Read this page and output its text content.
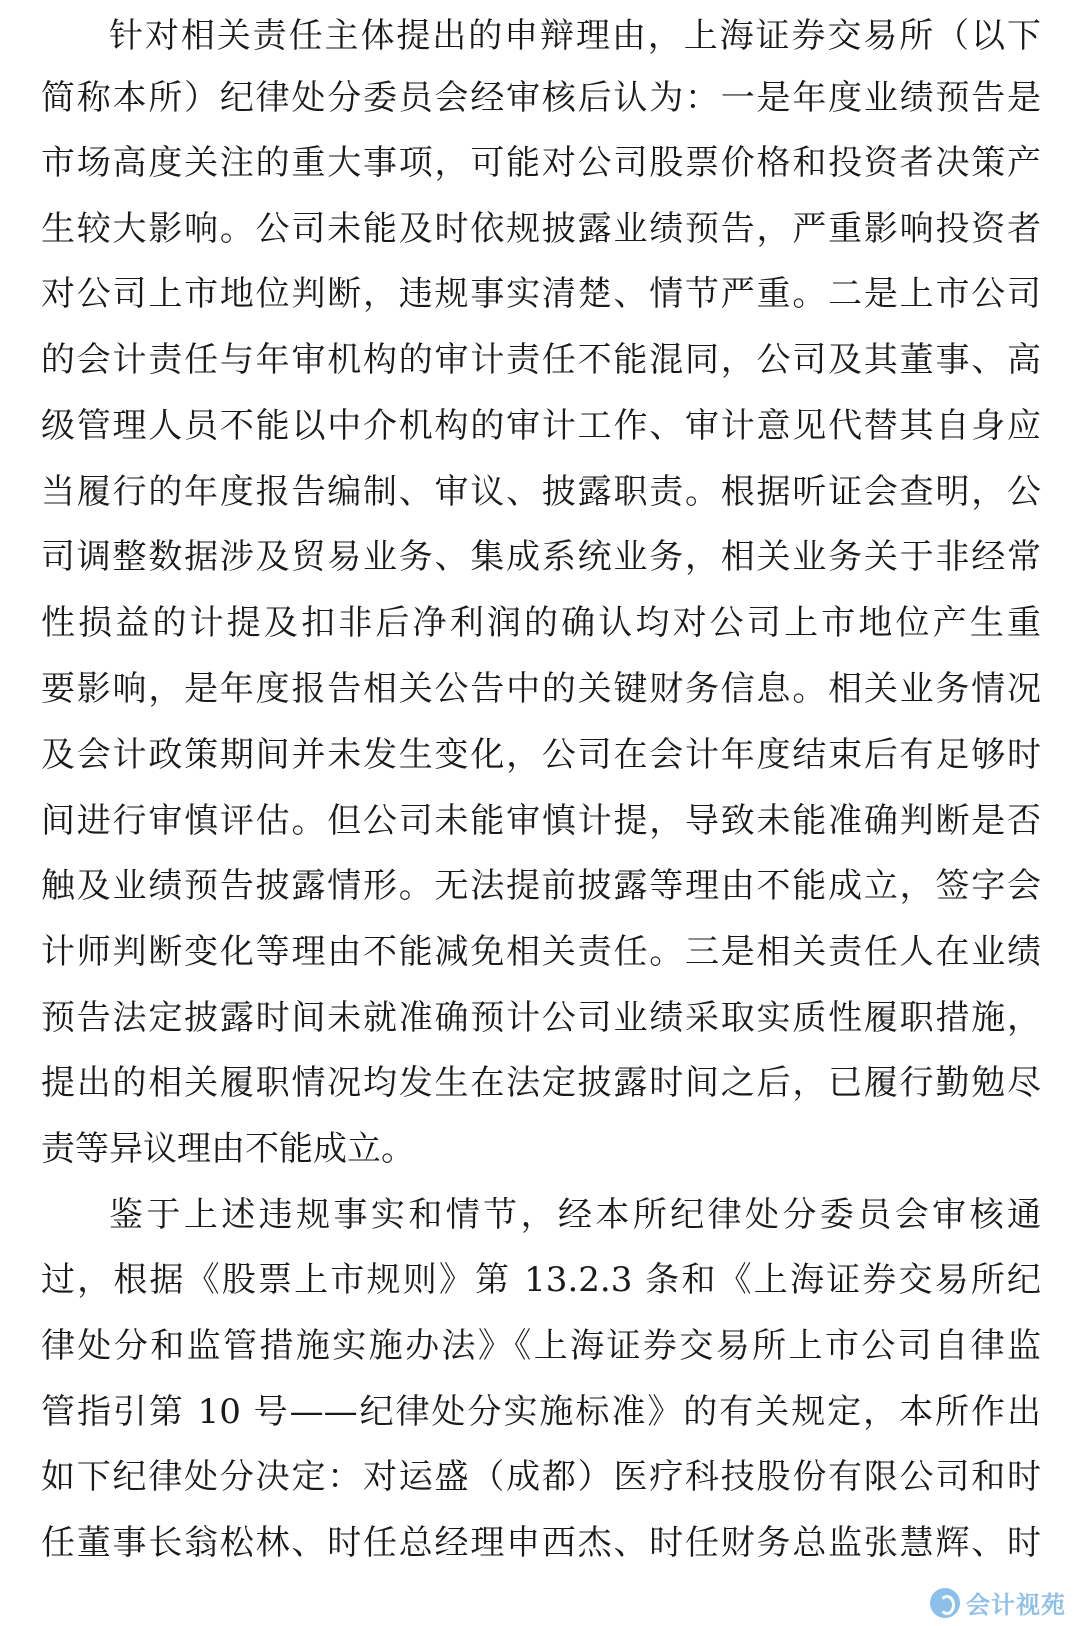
针对相关责任主体提出的申辩理由，上海证券交易所（以下
简称本所）纪律处分委员会经审核后认为：一是年度业绩预告是
市场高度关注的重大事项，可能对公司股票价格和投资者决策产
生较大影响。公司未能及时依规披露业绩预告，严重影响投资者
对公司上市地位判断，违规事实清楚、情节严重。二是上市公司
的会计责任与年审机构的审计责任不能混同，公司及其董事、高
级管理人员不能以中介机构的审计工作、审计意见代替其自身应
当履行的年度报告编制、审议、披露职责。根据听证会查明，公
司调整数据涉及贸易业务、集成系统业务，相关业务关于非经常
性损益的计提及扣非后净利润的确认均对公司上市地位产生重
要影响，是年度报告相关公告中的关键财务信息。相关业务情况
及会计政策期间并未发生变化，公司在会计年度结束后有足够时
间进行审慎评估。但公司未能审慎计提，导致未能准确判断是否
触及业绩预告披露情形。无法提前披露等理由不能成立，签字会
计师判断变化等理由不能减免相关责任。三是相关责任人在业绩
预告法定披露时间未就准确预计公司业绩采取实质性履职措施，
提出的相关履职情况均发生在法定披露时间之后，已履行勤勉尽
责等异议理由不能成立。
鉴于上述违规事实和情节，经本所纪律处分委员会审核通
过，根据《股票上市规则》第 13.2.3 条和《上海证券交易所纪
律处分和监管措施实施办法》《上海证券交易所上市公司自律监
管指引第 10 号——纪律处分实施标准》的有关规定，本所作出
如下纪律处分决定：对运盛（成都）医疗科技股份有限公司和时
任董事长翁松林、时任总经理申西杰、时任财务总监张慧辉、时
会计视苑
